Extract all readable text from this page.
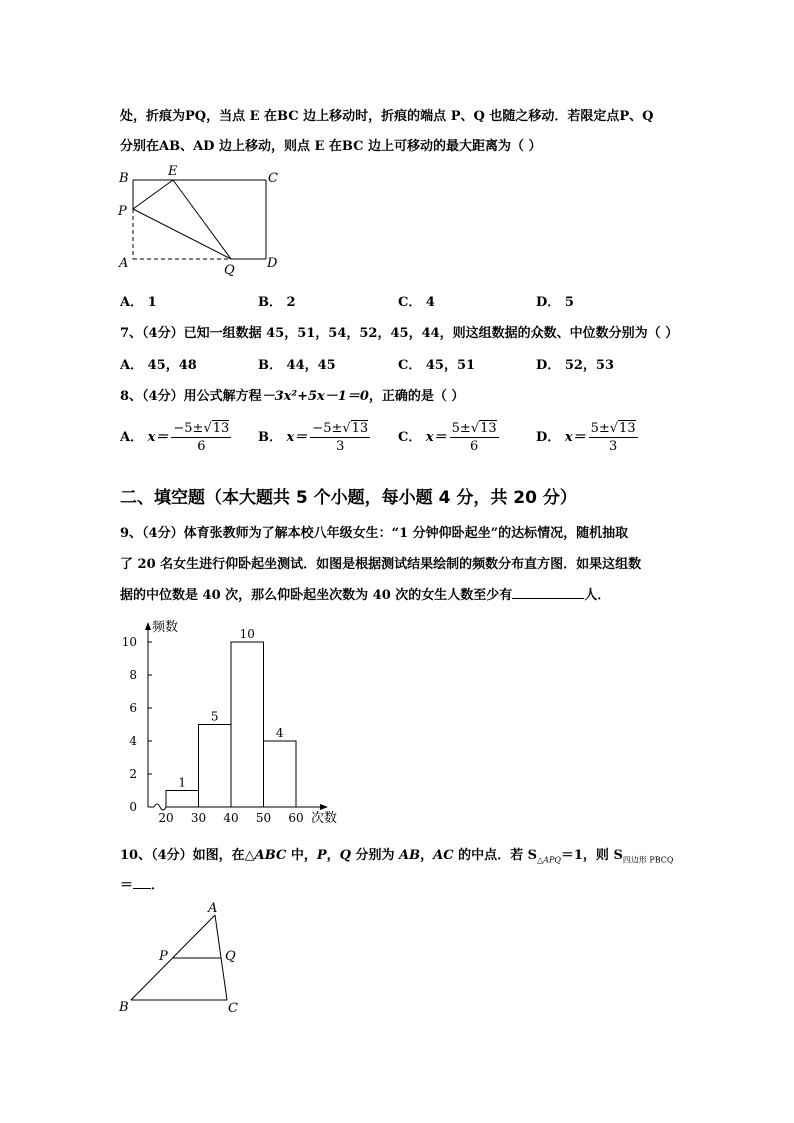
处，折痕为PQ，当点 E 在BC 边上移动时，折痕的端点 P、Q 也随之移动．若限定点P、Q
分别在AB、AD 边上移动，则点 E 在BC 边上可移动的最大距离为（ ）
B	E	C
P
A	Q D
A． 1	B． 2	C． 4	D． 5
7、（4分）已知一组数据 45，51，54，52，45，44，则这组数据的众数、中位数分别为（ ）
A． 45，48	B． 44，45	C． 45，51	D． 52，53
8、（4分）用公式解方程－3x²+5x－1＝0，正确的是（ ）
A． $x= \frac{-5\pm√13}{6}$ B． $x= \frac{-5\pm√13}{3}$ C． $x= \frac{5\pm√13}{6}$	D． $x= \frac{5\pm√13}{3}$
二、填空题（本大题共 5 个小题，每小题 4 分，共 20 分）
9、（4分）体育张教师为了解本校八年级女生：“1 分钟仰卧起坐”的达标情况，随机抽取
了 20 名女生进行仰卧起坐测试．如图是根据测试结果绘制的频数分布直方图．如果这组数
据的中位数是 40 次，那么仰卧起坐次数为 40 次的女生人数至少有	人．
频数
次数
1
5
10
4
0
2
4
6
8
10
20 30 40 50 60
10、（4分）如图，在△ABC 中，P，Q 分别为 AB，AC 的中点．若 $S_{\triangle APQ}=1$，则 $S_{四边形 PBCQ}$
＝ ．
A
P	Q
B	C
